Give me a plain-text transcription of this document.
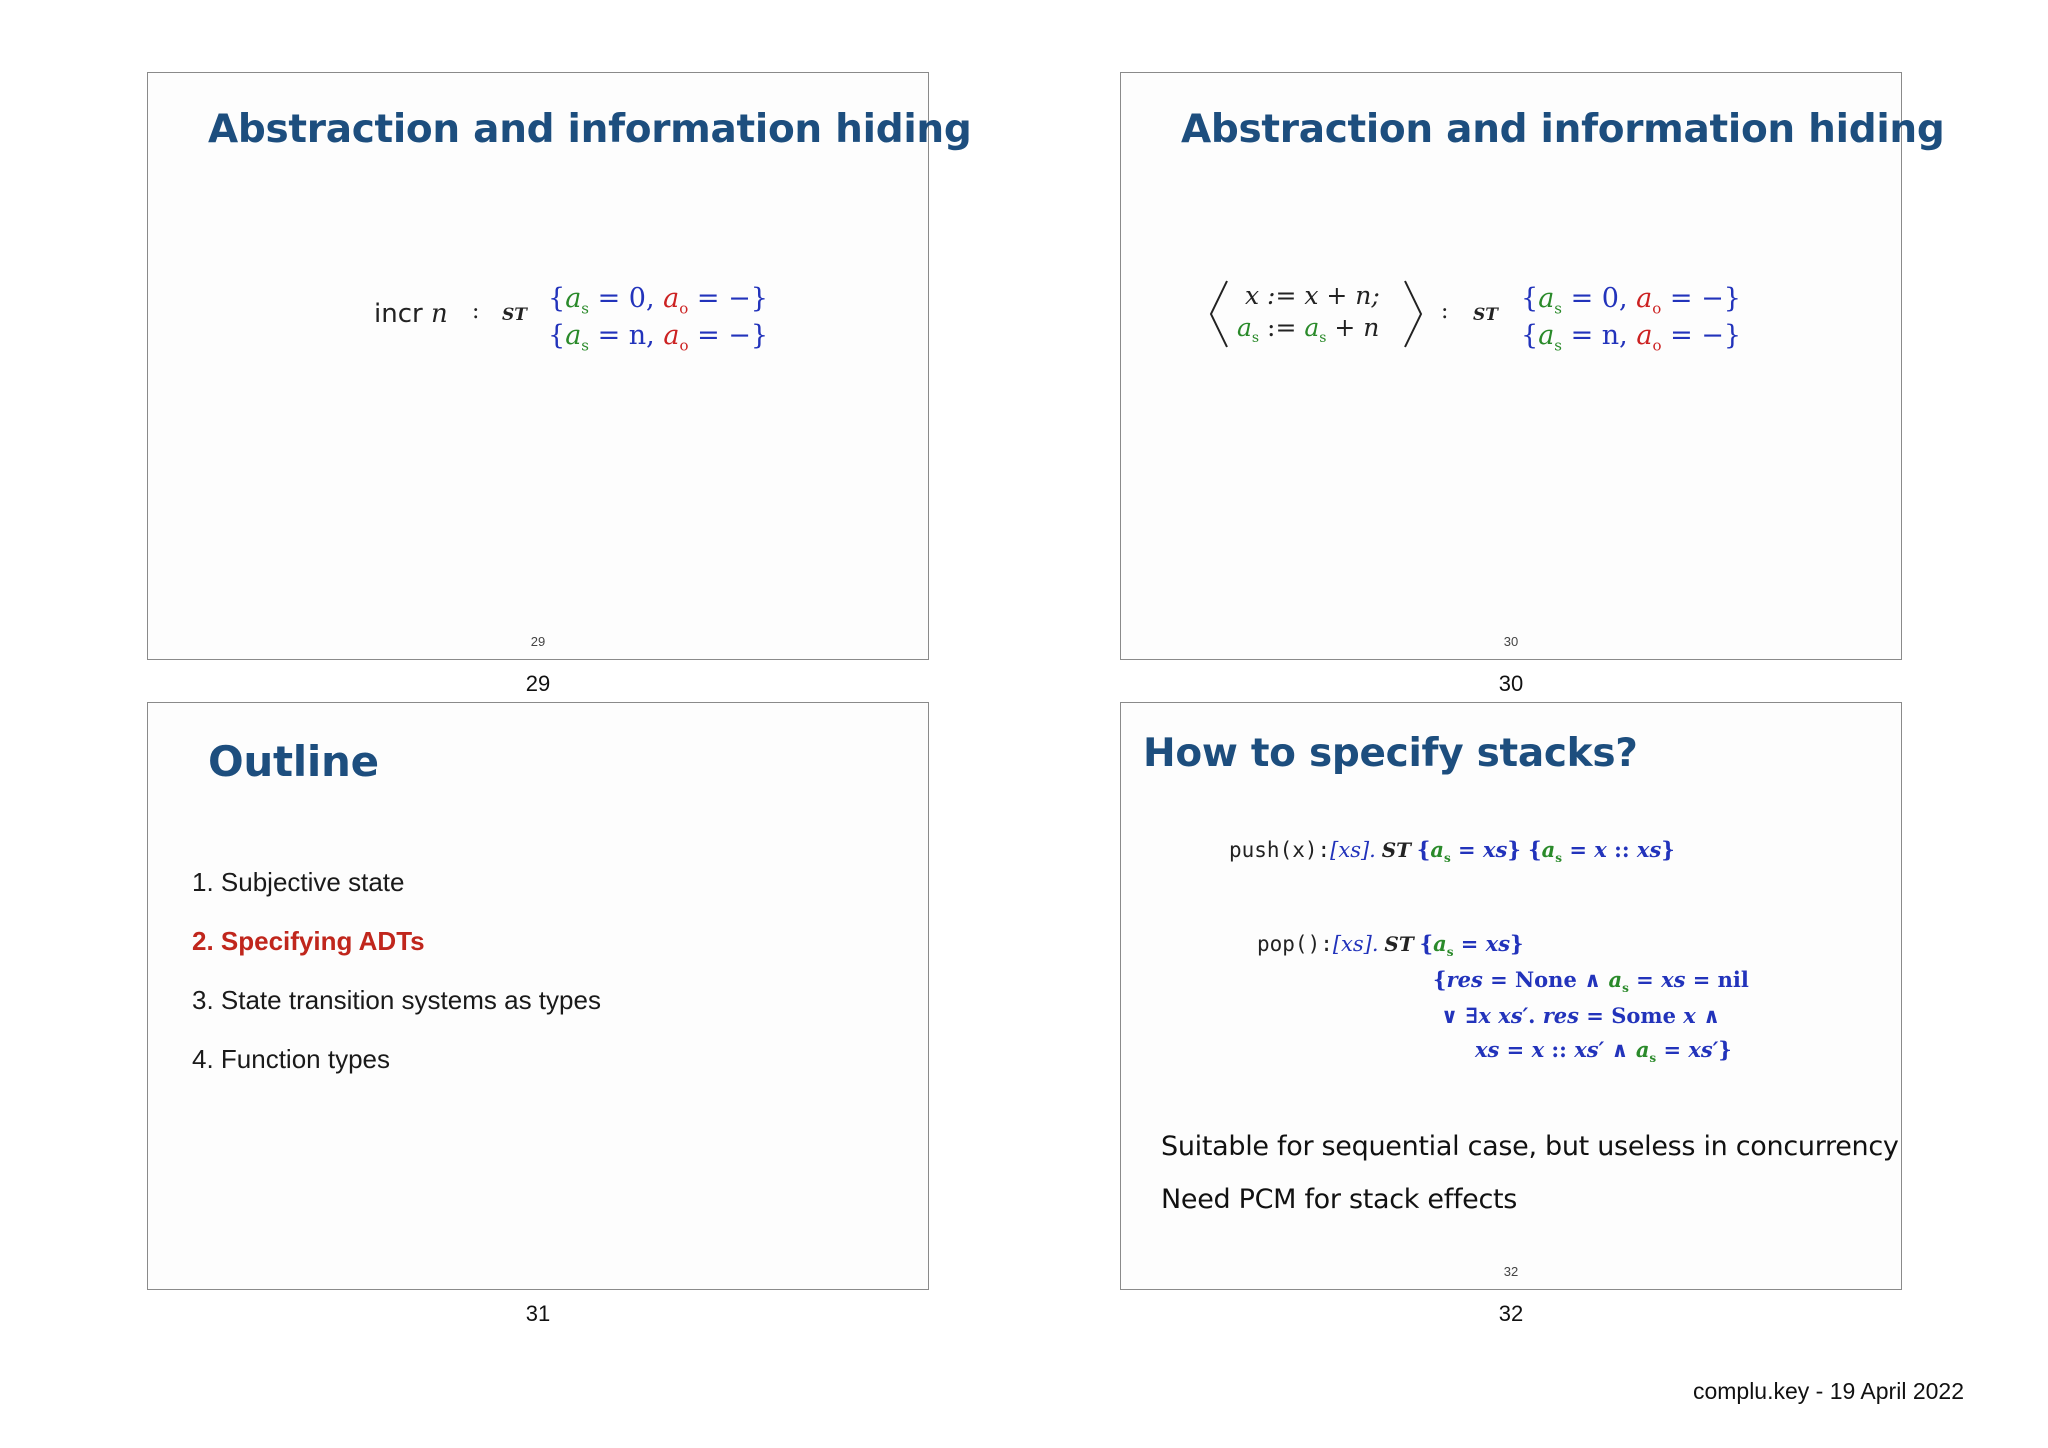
Abstraction and information hiding
incr n : ST
{$a_s = 0$, $a_o$ = −}
{$a_s = n$, $a_o$ = −}
29
29
Abstraction and information hiding
x := x + n;
$a_s$ := $a_s + n$
: ST
{$a_s = 0$, $a_o$ = −}
{$a_s = n$, $a_o$ = −}
30
30
Outline
1. Subjective state
2. Specifying ADTs
3. State transition systems as types
4. Function types
31
How to specify stacks?
push(x):[xs]. ST $\{a_s = xs\} \{a_s = x$ :: xs}
pop():[xs]. ST $\{a_s = xs\}$
{res = None ∧ $a_s$ = xs = nil
∨ ∃x xs′. res = Some x ∧
xs = x :: xs′ ∧ $a_s = xs'$}
Suitable for sequential case, but useless in concurrency
Need PCM for stack effects
32
32
complu.key - 19 April 2022
